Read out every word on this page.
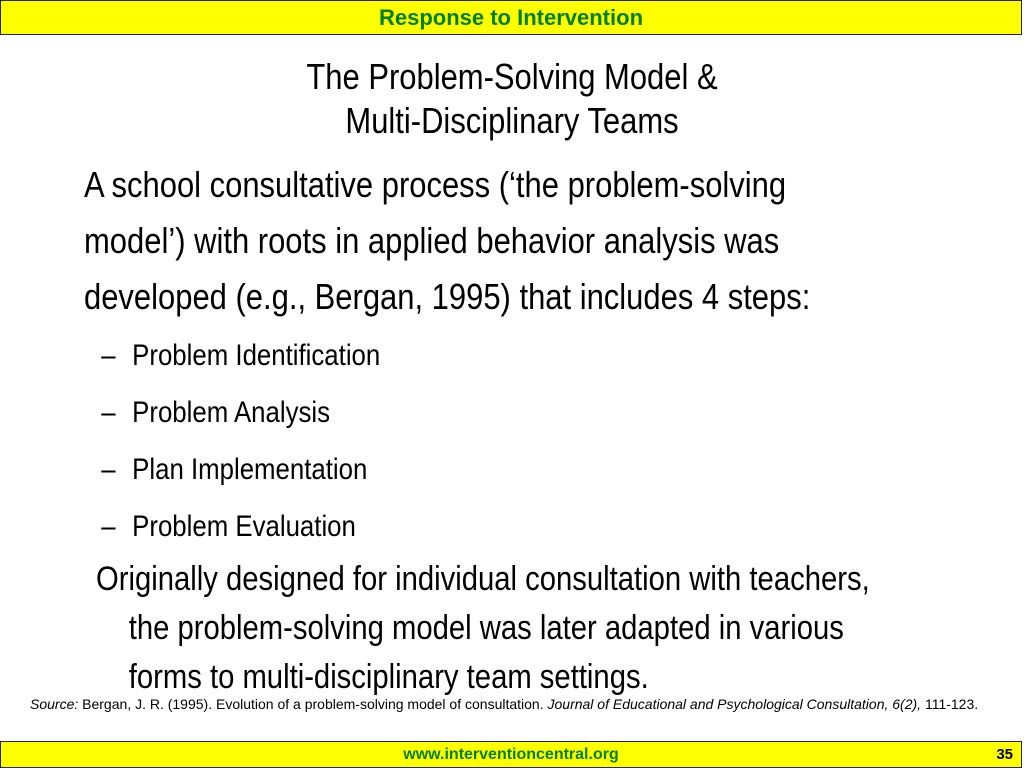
Response to Intervention
The Problem-Solving Model &
Multi-Disciplinary Teams

A school consultative process (‘the problem-solving
model’) with roots in applied behavior analysis was
developed (e.g., Bergan, 1995) that includes 4 steps:

– Problem Identification
– Problem Analysis
– Plan Implementation
– Problem Evaluation

Originally designed for individual consultation with teachers,
the problem-solving model was later adapted in various
forms to multi-disciplinary team settings.

Source: Bergan, J. R. (1995). Evolution of a problem-solving model of consultation. Journal of Educational and Psychological Consultation, 6(2), 111-123.
www.interventioncentral.org	35
